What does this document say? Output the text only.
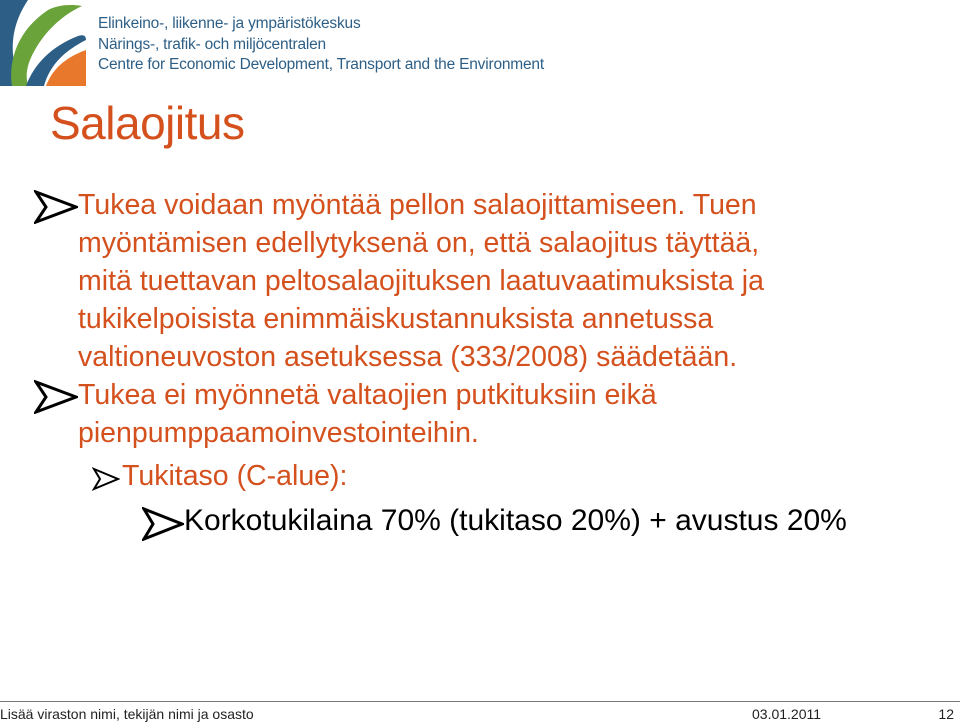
Elinkeino-, liikenne- ja ympäristökeskus
Närings-, trafik- och miljöcentralen
Centre for Economic Development, Transport and the Environment
Salaojitus
Tukea voidaan myöntää pellon salaojittamiseen. Tuen
myöntämisen edellytyksenä on, että salaojitus täyttää,
mitä tuettavan peltosalaojituksen laatuvaatimuksista ja
tukikelpoisista enimmäiskustannuksista annetussa
valtioneuvoston asetuksessa (333/2008) säädetään.
Tukea ei myönnetä valtaojien putkituksiin eikä
pienpumppaamoinvestointeihin.
Tukitaso (C-alue):
Korkotukilaina 70% (tukitaso 20%) + avustus 20%
Lisää viraston nimi, tekijän nimi ja osasto	03.01.2011	12
